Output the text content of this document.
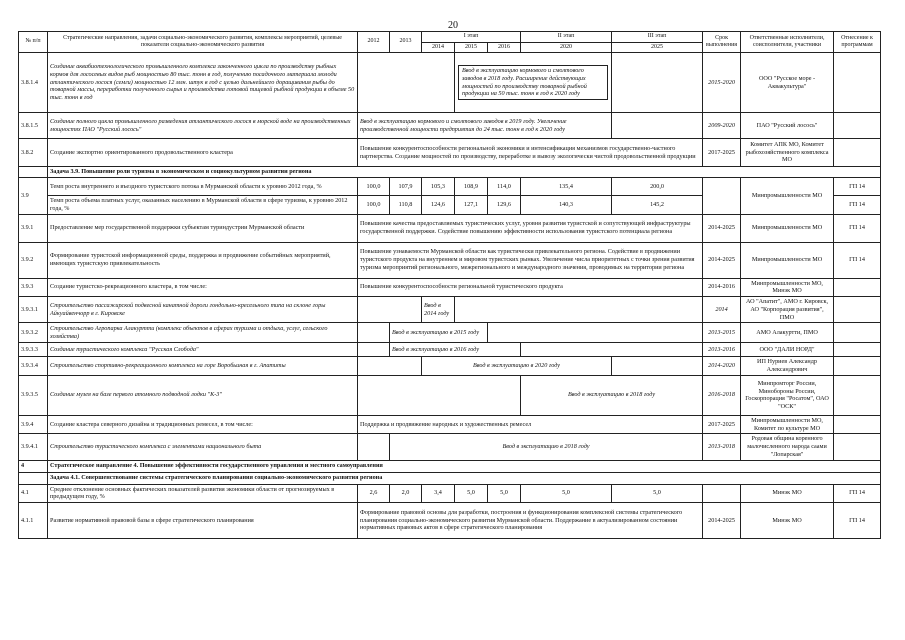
20
№ п/п	Стратегические направления, задачи социально-экономического развития, комплексы мероприятий, целевые показатели социально-экономического развития	2012	2013	I этап			II этап	III этап	Срок выполнения	Ответственные исполнители, соисполнители, участники	Отнесение к программам
				2014	2015	2016	2020	2025			
3.8.1.4	Создание аквабиотехнологического промышленного комплекса законченного цикла по производству рыбных кормов для лососевых видов рыб мощностью 80 тыс. тонн в год, получению посадочного материала молоди атлантического лосося (семги) мощностью 12 млн. штук в год с целью дальнейшего доращивания рыбы до товарной массы, переработки полученного сырья и производства готовой пищевой рыбной продукции в объеме 50 тыс. тонн в год				Ввод в эксплуатацию кормового и смолтового заводов в 2018 году. Расширение действующих мощностей по производству товарной рыбной продукции на 50 тыс. тонн в год к 2020 году				2015-2020	ООО "Русское море - Аквакультура"	
3.8.1.5	Создание полного цикла промышленного разведения атлантического лосося в морской воде на производственных мощностях ПАО "Русский лосось"	Ввод в эксплуатацию кормового и смолтового заводов в 2019 году. Увеличение производственной мощности предприятия до 24 тыс. тонн в год к 2020 году							2009-2020	ПАО "Русский лосось"	
3.8.2	Создание экспортно ориентированного продовольственного кластера	Повышение конкурентоспособности региональной экономики и интенсификация механизмов государственно-частного партнерства. Создание мощностей по производству, переработке и вывозу экологически чистой продовольственной продукции							2017-2025	Комитет АПК МО, Комитет рыбохозяйственного комплекса МО	
	Задача 3.9. Повышение роли туризма в экономическом и социокультурном развитии региона										
3.9	Темп роста внутреннего и въездного туристского потока в Мурманской области к уровню 2012 года, %	100,0	107,9	105,3	108,9	114,0	135,4	200,0		Минпромышленности МО	ГП 14
	Темп роста объема платных услуг, оказанных населению в Мурманской области в сфере туризма, к уровню 2012 года, %	100,0	110,8	124,6	127,1	129,6	140,3	145,2			ГП 14
3.9.1	Предоставление мер государственной поддержки субъектам туриндустрии Мурманской области	Повышение качества предоставляемых туристических услуг, уровня развития туристской и сопутствующей инфраструктуры государственной поддержки. Содействие повышению эффективности использования туристского потенциала региона							2014-2025	Минпромышленности МО	ГП 14
3.9.2	Формирование туристской информационной среды, поддержка и продвижение событийных мероприятий, имеющих туристскую привлекательность	Повышение узнаваемости Мурманской области как туристически привлекательного региона. Содействие в продвижении туристского продукта на внутреннем и мировом туристских рынках. Увеличение числа приоритетных с точки зрения развития туризма мероприятий регионального, межрегионального и международного значения, проводимых на территории региона							2014-2025	Минпромышленности МО	ГП 14
3.9.3	Создание туристско-рекреационного кластера, в том числе:	Повышение конкурентоспособности региональной туристического продукта							2014-2016	Минпромышленности МО, Минэк МО	
3.9.3.1	Строительство пассажирской подвесной канатной дороги гондольно-кресельного типа на склоне горы Айкуайвенчорр в г. Кировске			Ввод в 2014 году					2014	АО "Апатит", АМО г. Кировск, АО "Корпорация развития", ПМО	
3.9.3.2	Строительство Агропарка Алакуртти (комплекс объектов в сферах туризма и отдыха, услуг, сельского хозяйства)		Ввод в эксплуатацию в 2015 году						2013-2015	АМО Алакуртти, ПМО	
3.9.3.3	Создание туристического комплекса "Русская Слобода"		Ввод в эксплуатацию в 2016 году						2013-2016	ООО "ДАЛИ НОРД"	
3.9.3.4	Строительство спортивно-рекреационного комплекса на горе Воробьиная в г. Апатиты			Ввод в эксплуатацию в 2020 году					2014-2020	ИП Нуриев Александр Александрович	
3.9.3.5	Создание музея на базе первого атомного подводной лодки "К-3"						Ввод в эксплуатацию в 2018 году		2016-2018	Минпромторг России, Минобороны России, Госкорпорация "Росатом", ОАО "ОСК"	
3.9.4	Создание кластера северного дизайна и традиционных ремесел, в том числе:	Поддержка и продвижение народных и художественных ремесел							2017-2025	Минпромышленности МО, Комитет по культуре МО	
3.9.4.1	Строительство туристического комплекса с элементами национального быта		Ввод в эксплуатацию в 2018 году						2013-2018	Родовая община коренного малочисленного народа саами "Лопарская"	
4	Стратегическое направление 4. Повышение эффективности государственного управления и местного самоуправления										
	Задача 4.1. Совершенствование системы стратегического планирования социально-экономического развития региона										
4.1	Среднее отклонение основных фактических показателей развития экономики области от прогнозируемых в предыдущем году, %	2,6	2,0	3,4	5,0	5,0	5,0	5,0		Минэк МО	ГП 14
4.1.1	Развитие нормативной правовой базы в сфере стратегического планирования	Формирование правовой основы для разработки, построения и функционирования комплексной системы стратегического планирования социально-экономического развития Мурманской области. Поддержание в актуализированном состоянии нормативных правовых актов в сфере стратегического планирования							2014-2025	Минэк МО	ГП 14
